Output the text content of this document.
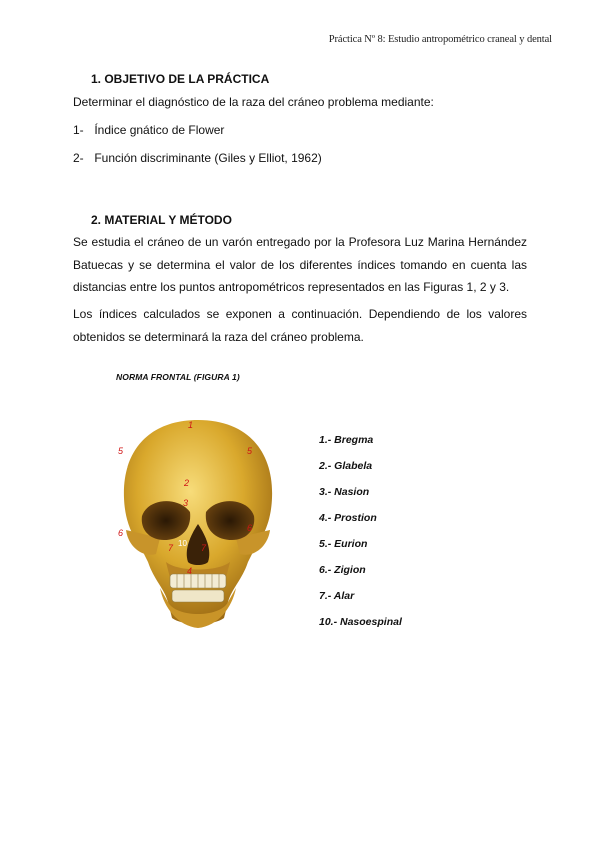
Práctica Nº 8: Estudio antropométrico craneal y dental
1. OBJETIVO DE LA PRÁCTICA
Determinar el diagnóstico de la raza del cráneo problema mediante:
1- Índice gnático de Flower
2- Función discriminante (Giles y Elliot, 1962)
2. MATERIAL Y MÉTODO
Se estudia el cráneo de un varón entregado por la Profesora Luz Marina Hernández Batuecas y se determina el valor de los diferentes índices tomando en cuenta las distancias entre los puntos antropométricos representados en las Figuras 1, 2 y 3.
Los índices calculados se exponen a continuación. Dependiendo de los valores obtenidos se determinará la raza del cráneo problema.
NORMA FRONTAL (FIGURA 1)
1
2
3
4
5	5
6	6
7	7
10
1.- Bregma
2.- Glabela
3.- Nasion
4.- Prostion
5.- Eurion
6.- Zigion
7.- Alar
10.- Nasoespinal
